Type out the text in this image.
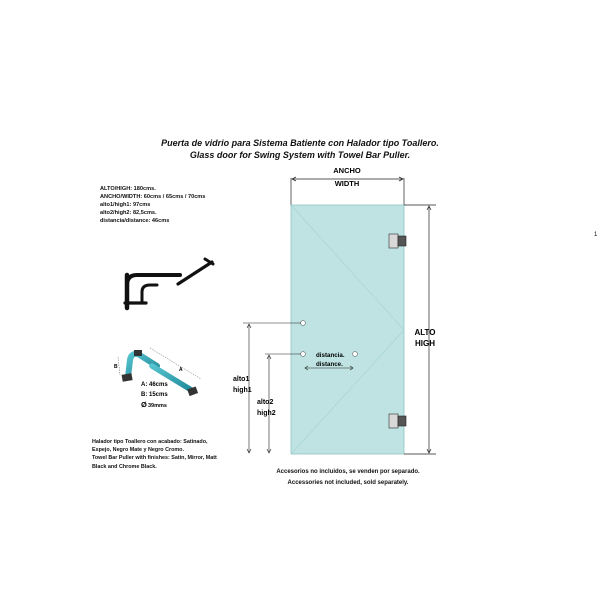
Puerta de vidrio para Sistema Batiente con Halador tipo Toallero.
Glass door for Swing System with Towel Bar Puller.
ALTO/HIGH: 180cms.
ANCHO/WIDTH: 60cms / 65cms / 70cms
alto1/high1: 97cms
alto2/high2: 82,5cms.
distancia/distance: 46cms
Halador tipo Toallero con acabado: Satinado,
Espejo, Negro Mate y Negro Cromo.
Towel Bar Puller with finishes: Satin, Mirror, Matt
Black and Chrome Black.
Accesorios no incluidos, se venden por separado.
Accessories not included, sold separately.
1
ANCHO
WIDTH
distancia.
distance.
ALTO
HIGH
alto1
high1
alto2
high2
B	A
A: 46cms
B: 15cms
Ø 39mms
